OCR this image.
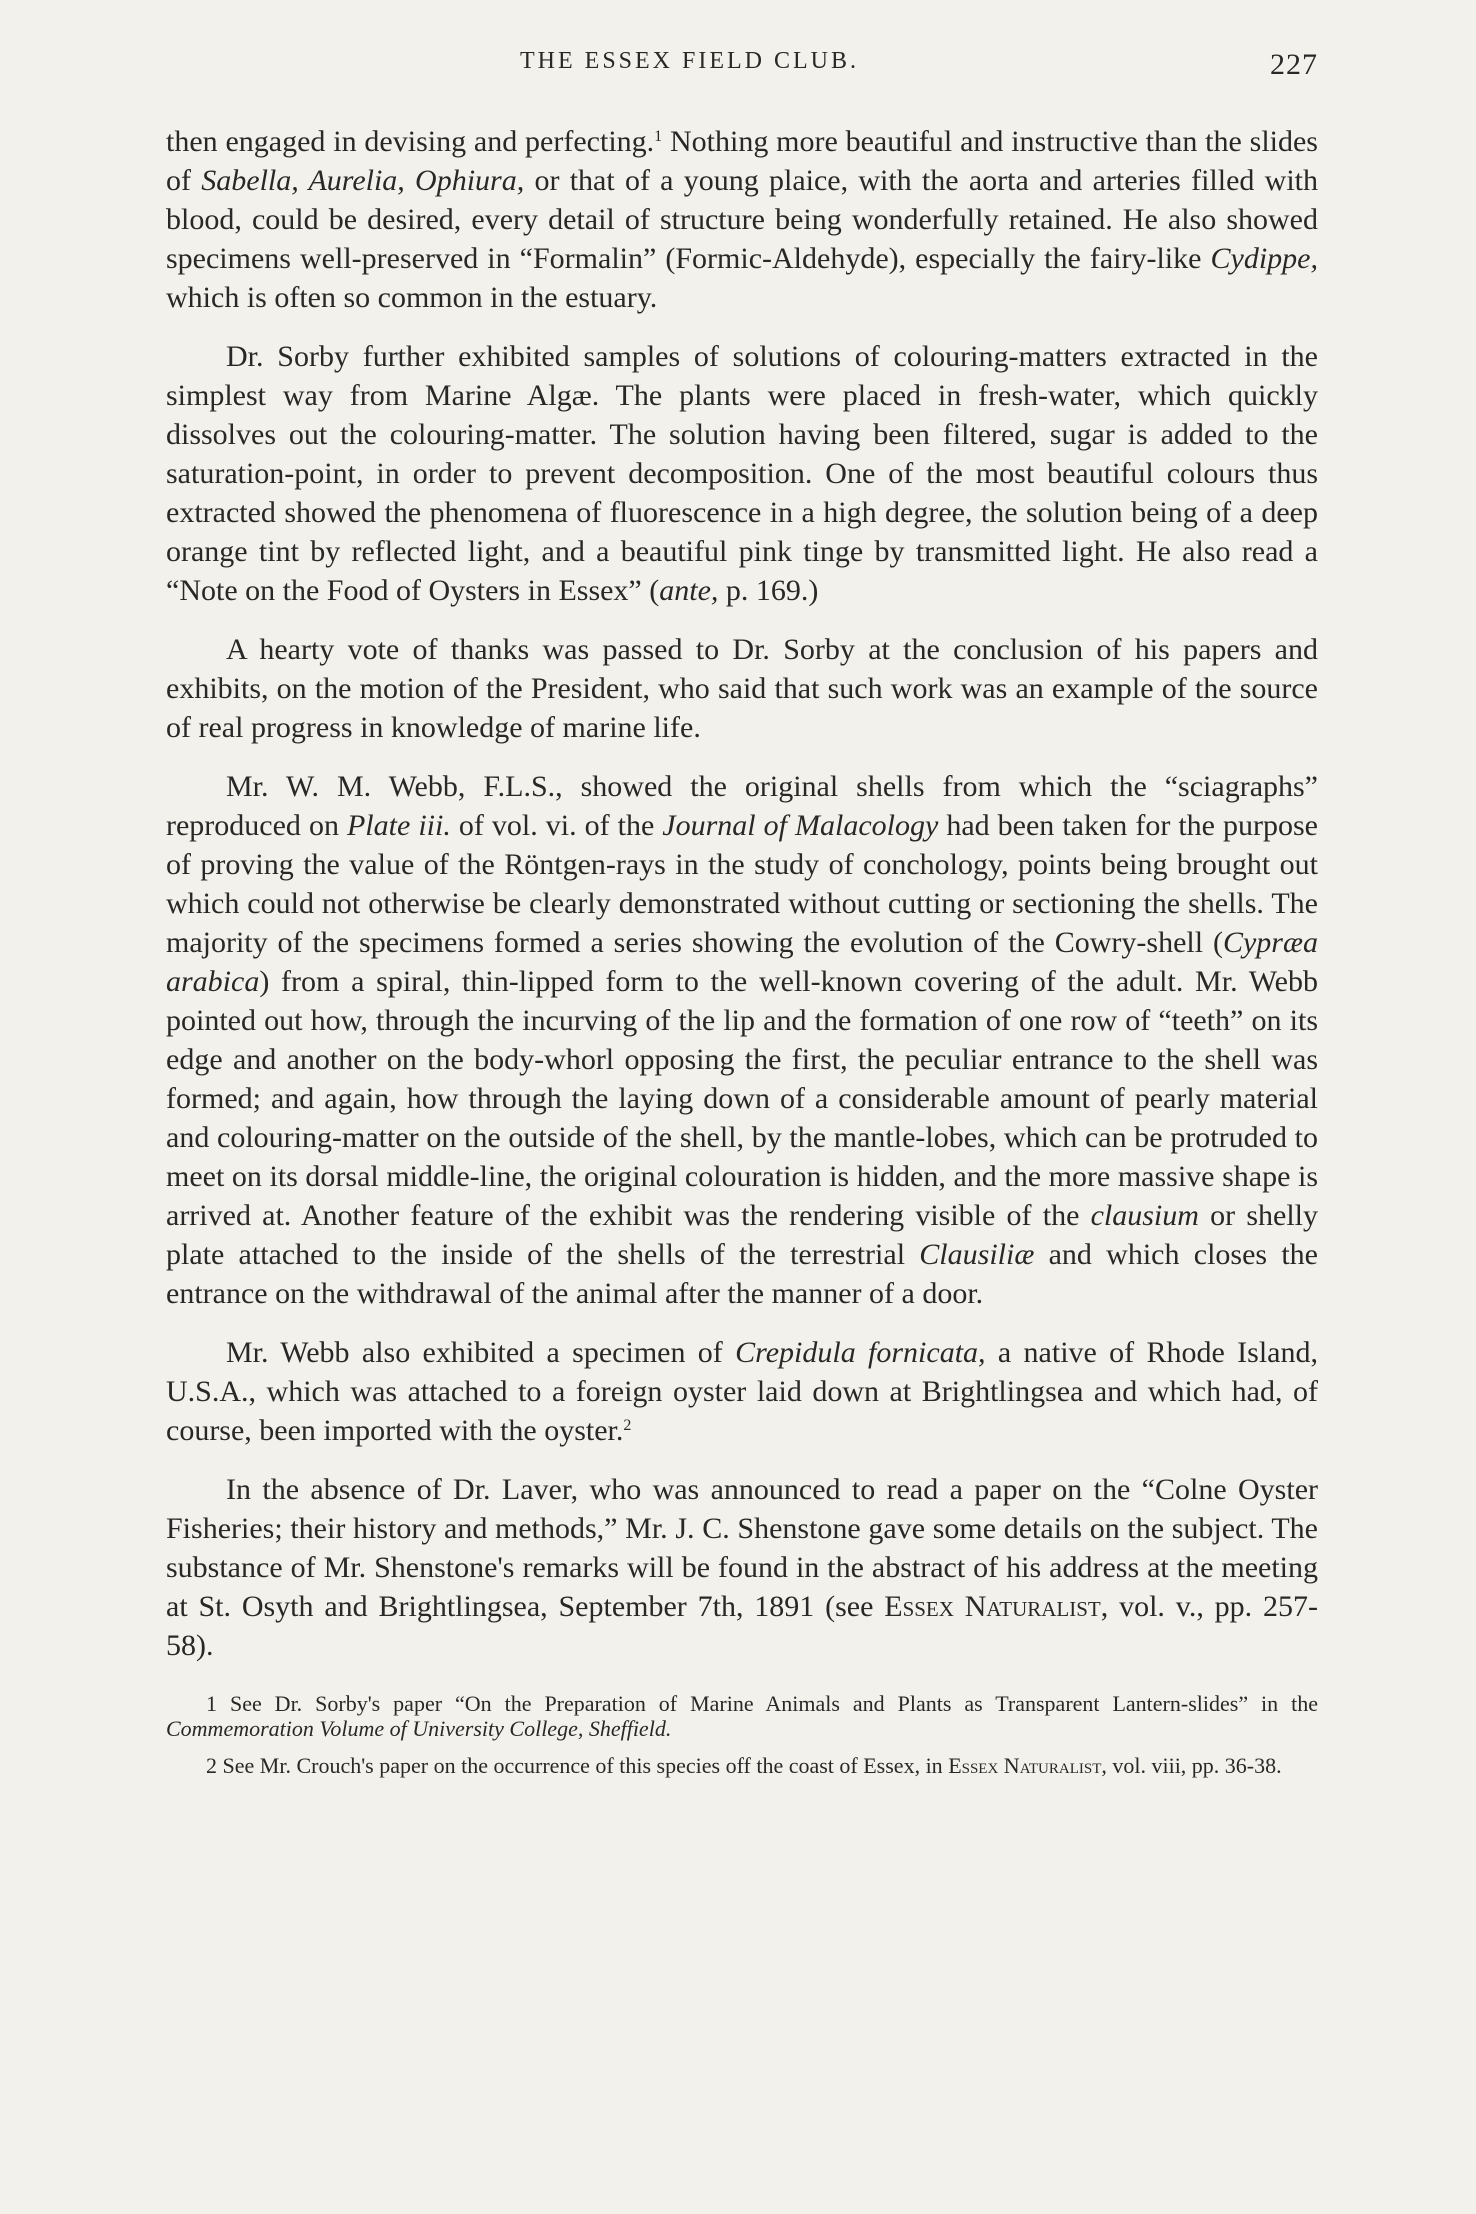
THE ESSEX FIELD CLUB.	227

then engaged in devising and perfecting.$^1$ Nothing more beautiful and instructive than the slides of Sabella, Aurelia, Ophiura, or that of a young plaice, with the aorta and arteries filled with blood, could be desired, every detail of structure being wonderfully retained. He also showed specimens well-preserved in “Formalin” (Formic-Aldehyde), especially the fairy-like Cydippe, which is often so common in the estuary.

Dr. Sorby further exhibited samples of solutions of colouring-matters extracted in the simplest way from Marine Algæ. The plants were placed in fresh-water, which quickly dissolves out the colouring-matter. The solution having been filtered, sugar is added to the saturation-point, in order to prevent decomposition. One of the most beautiful colours thus extracted showed the phenomena of fluorescence in a high degree, the solution being of a deep orange tint by reflected light, and a beautiful pink tinge by transmitted light. He also read a “Note on the Food of Oysters in Essex” (ante, p. 169.)

A hearty vote of thanks was passed to Dr. Sorby at the conclusion of his papers and exhibits, on the motion of the President, who said that such work was an example of the source of real progress in knowledge of marine life.

Mr. W. M. Webb, F.L.S., showed the original shells from which the “sciagraphs” reproduced on Plate iii. of vol. vi. of the Journal of Malacology had been taken for the purpose of proving the value of the Röntgen-rays in the study of conchology, points being brought out which could not otherwise be clearly demonstrated without cutting or sectioning the shells. The majority of the specimens formed a series showing the evolution of the Cowry-shell (Cypræa arabica) from a spiral, thin-lipped form to the well-known covering of the adult. Mr. Webb pointed out how, through the incurving of the lip and the formation of one row of “teeth” on its edge and another on the body-whorl opposing the first, the peculiar entrance to the shell was formed; and again, how through the laying down of a considerable amount of pearly material and colouring-matter on the outside of the shell, by the mantle-lobes, which can be protruded to meet on its dorsal middle-line, the original colouration is hidden, and the more massive shape is arrived at. Another feature of the exhibit was the rendering visible of the clausium or shelly plate attached to the inside of the shells of the terrestrial Clausiliæ and which closes the entrance on the withdrawal of the animal after the manner of a door.

Mr. Webb also exhibited a specimen of Crepidula fornicata, a native of Rhode Island, U.S.A., which was attached to a foreign oyster laid down at Brightlingsea and which had, of course, been imported with the oyster.$^2$

In the absence of Dr. Laver, who was announced to read a paper on the “Colne Oyster Fisheries; their history and methods,” Mr. J. C. Shenstone gave some details on the subject. The substance of Mr. Shenstone's remarks will be found in the abstract of his address at the meeting at St. Osyth and Brightlingsea, September 7th, 1891 (see Essex Naturalist, vol. v., pp. 257-58).

1 See Dr. Sorby's paper “On the Preparation of Marine Animals and Plants as Transparent Lantern-slides” in the Commemoration Volume of University College, Sheffield.

2 See Mr. Crouch's paper on the occurrence of this species off the coast of Essex, in Essex Naturalist, vol. viii, pp. 36-38.
